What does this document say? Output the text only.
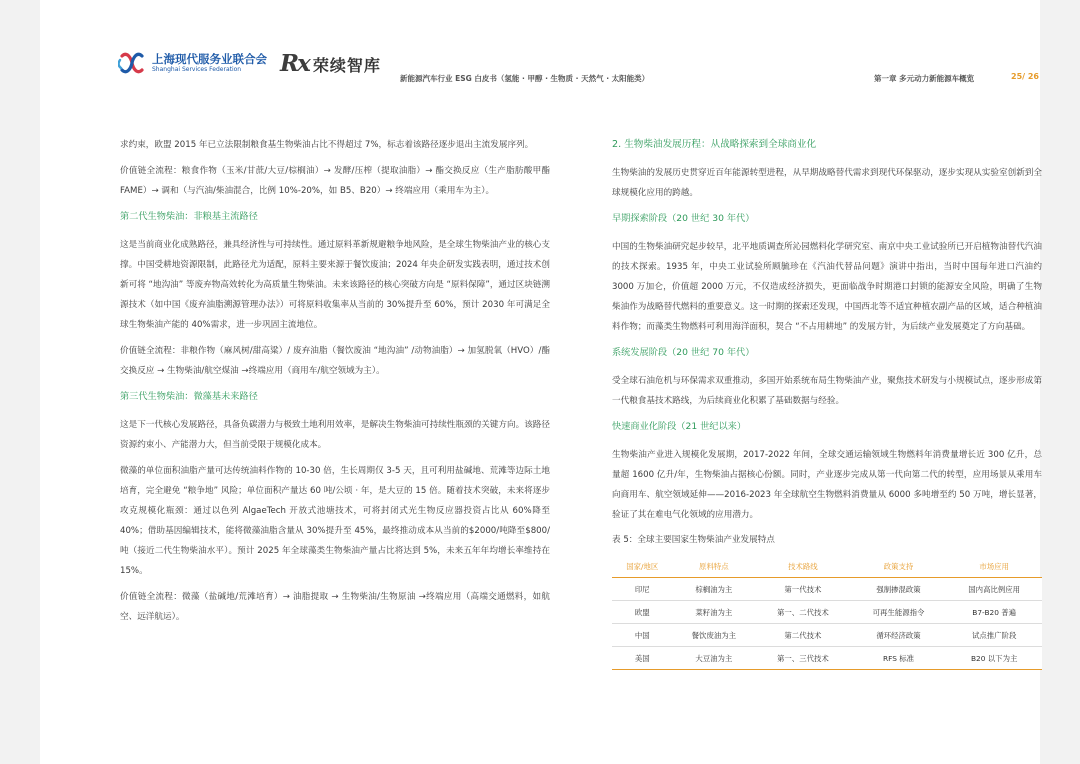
上海现代服务业联合会
Shanghai Services Federation	Rx 荣续智库
新能源汽车行业 ESG 白皮书（氢能 · 甲醇 · 生物质 · 天然气 · 太阳能类）	第一章 多元动力新能源车概览	25/ 26

求约束，欧盟 2015 年已立法限制粮食基生物柴油占比不得超过 7%，标志着该路径逐步退出主流发展序列。

价值链全流程：粮食作物（玉米/甘蔗/大豆/棕榈油）→ 发酵/压榨（提取油脂）→ 酯交换反应（生产脂肪酸甲酯 FAME）→ 调和（与汽油/柴油混合，比例 10%-20%，如 B5、B20）→ 终端应用（乘用车为主）。

第二代生物柴油：非粮基主流路径

这是当前商业化成熟路径，兼具经济性与可持续性。通过原料革新规避粮争地风险，是全球生物柴油产业的核心支撑。中国受耕地资源限制，此路径尤为适配，原料主要来源于餐饮废油；2024 年央企研发实践表明，通过技术创新可将 “地沟油” 等废弃物高效转化为高质量生物柴油。未来该路径的核心突破方向是 “原料保障”，通过区块链溯源技术（如中国《废弃油脂溯源管理办法》）可将原料收集率从当前的 30%提升至 60%，预计 2030 年可满足全球生物柴油产能的 40%需求，进一步巩固主流地位。

价值链全流程：非粮作物（麻风树/甜高粱）/ 废弃油脂（餐饮废油 “地沟油” /动物油脂）→ 加氢脱氧（HVO）/酯交换反应 → 生物柴油/航空煤油 →终端应用（商用车/航空领域为主）。

第三代生物柴油：微藻基未来路径

这是下一代核心发展路径，具备负碳潜力与极致土地利用效率，是解决生物柴油可持续性瓶颈的关键方向。该路径资源约束小、产能潜力大，但当前受限于规模化成本。

微藻的单位面积油脂产量可达传统油料作物的 10-30 倍，生长周期仅 3-5 天，且可利用盐碱地、荒滩等边际土地培育，完全避免 “粮争地” 风险；单位面积产量达 60 吨/公顷 · 年，是大豆的 15 倍。随着技术突破，未来将逐步攻克规模化瓶颈：通过以色列 AlgaeTech 开放式池塘技术，可将封闭式光生物反应器投资占比从 60%降至 40%；借助基因编辑技术，能将微藻油脂含量从 30%提升至 45%，最终推动成本从当前的$2000/吨降至$800/吨（接近二代生物柴油水平）。预计 2025 年全球藻类生物柴油产量占比将达到 5%，未来五年年均增长率维持在 15%。

价值链全流程：微藻（盐碱地/荒滩培育）→ 油脂提取 → 生物柴油/生物原油 →终端应用（高端交通燃料，如航空、远洋航运）。

2. 生物柴油发展历程：从战略探索到全球商业化

生物柴油的发展历史贯穿近百年能源转型进程，从早期战略替代需求到现代环保驱动，逐步实现从实验室创新到全球规模化应用的跨越。

早期探索阶段（20 世纪 30 年代）

中国的生物柴油研究起步较早，北平地质调查所沁园燃料化学研究室、南京中央工业试验所已开启植物油替代汽油的技术探索。1935 年，中央工业试验所顾毓珍在《汽油代替品问题》演讲中指出，当时中国每年进口汽油约 3000 万加仑，价值超 2000 万元，不仅造成经济损失，更面临战争时期港口封锁的能源安全风险，明确了生物柴油作为战略替代燃料的重要意义。这一时期的探索还发现，中国西北等不适宜种植农副产品的区域，适合种植油料作物；而藻类生物燃料可利用海洋面积，契合 “不占用耕地” 的发展方针，为后续产业发展奠定了方向基础。

系统发展阶段（20 世纪 70 年代）

受全球石油危机与环保需求双重推动，多国开始系统布局生物柴油产业，聚焦技术研发与小规模试点，逐步形成第一代粮食基技术路线，为后续商业化积累了基础数据与经验。

快速商业化阶段（21 世纪以来）

生物柴油产业进入规模化发展期，2017-2022 年间，全球交通运输领域生物燃料年消费量增长近 300 亿升，总量超 1600 亿升/年，生物柴油占据核心份额。同时，产业逐步完成从第一代向第二代的转型，应用场景从乘用车向商用车、航空领域延伸——2016-2023 年全球航空生物燃料消费量从 6000 多吨增至约 50 万吨，增长显著，验证了其在难电气化领域的应用潜力。

表 5：全球主要国家生物柴油产业发展特点

国家/地区	原料特点	技术路线	政策支持	市场应用
印尼	棕榈油为主	第一代技术	强制掺混政策	国内高比例应用
欧盟	菜籽油为主	第一、二代技术	可再生能源指令	B7-B20 普遍
中国	餐饮废油为主	第二代技术	循环经济政策	试点推广阶段
美国	大豆油为主	第一、三代技术	RFS 标准	B20 以下为主
